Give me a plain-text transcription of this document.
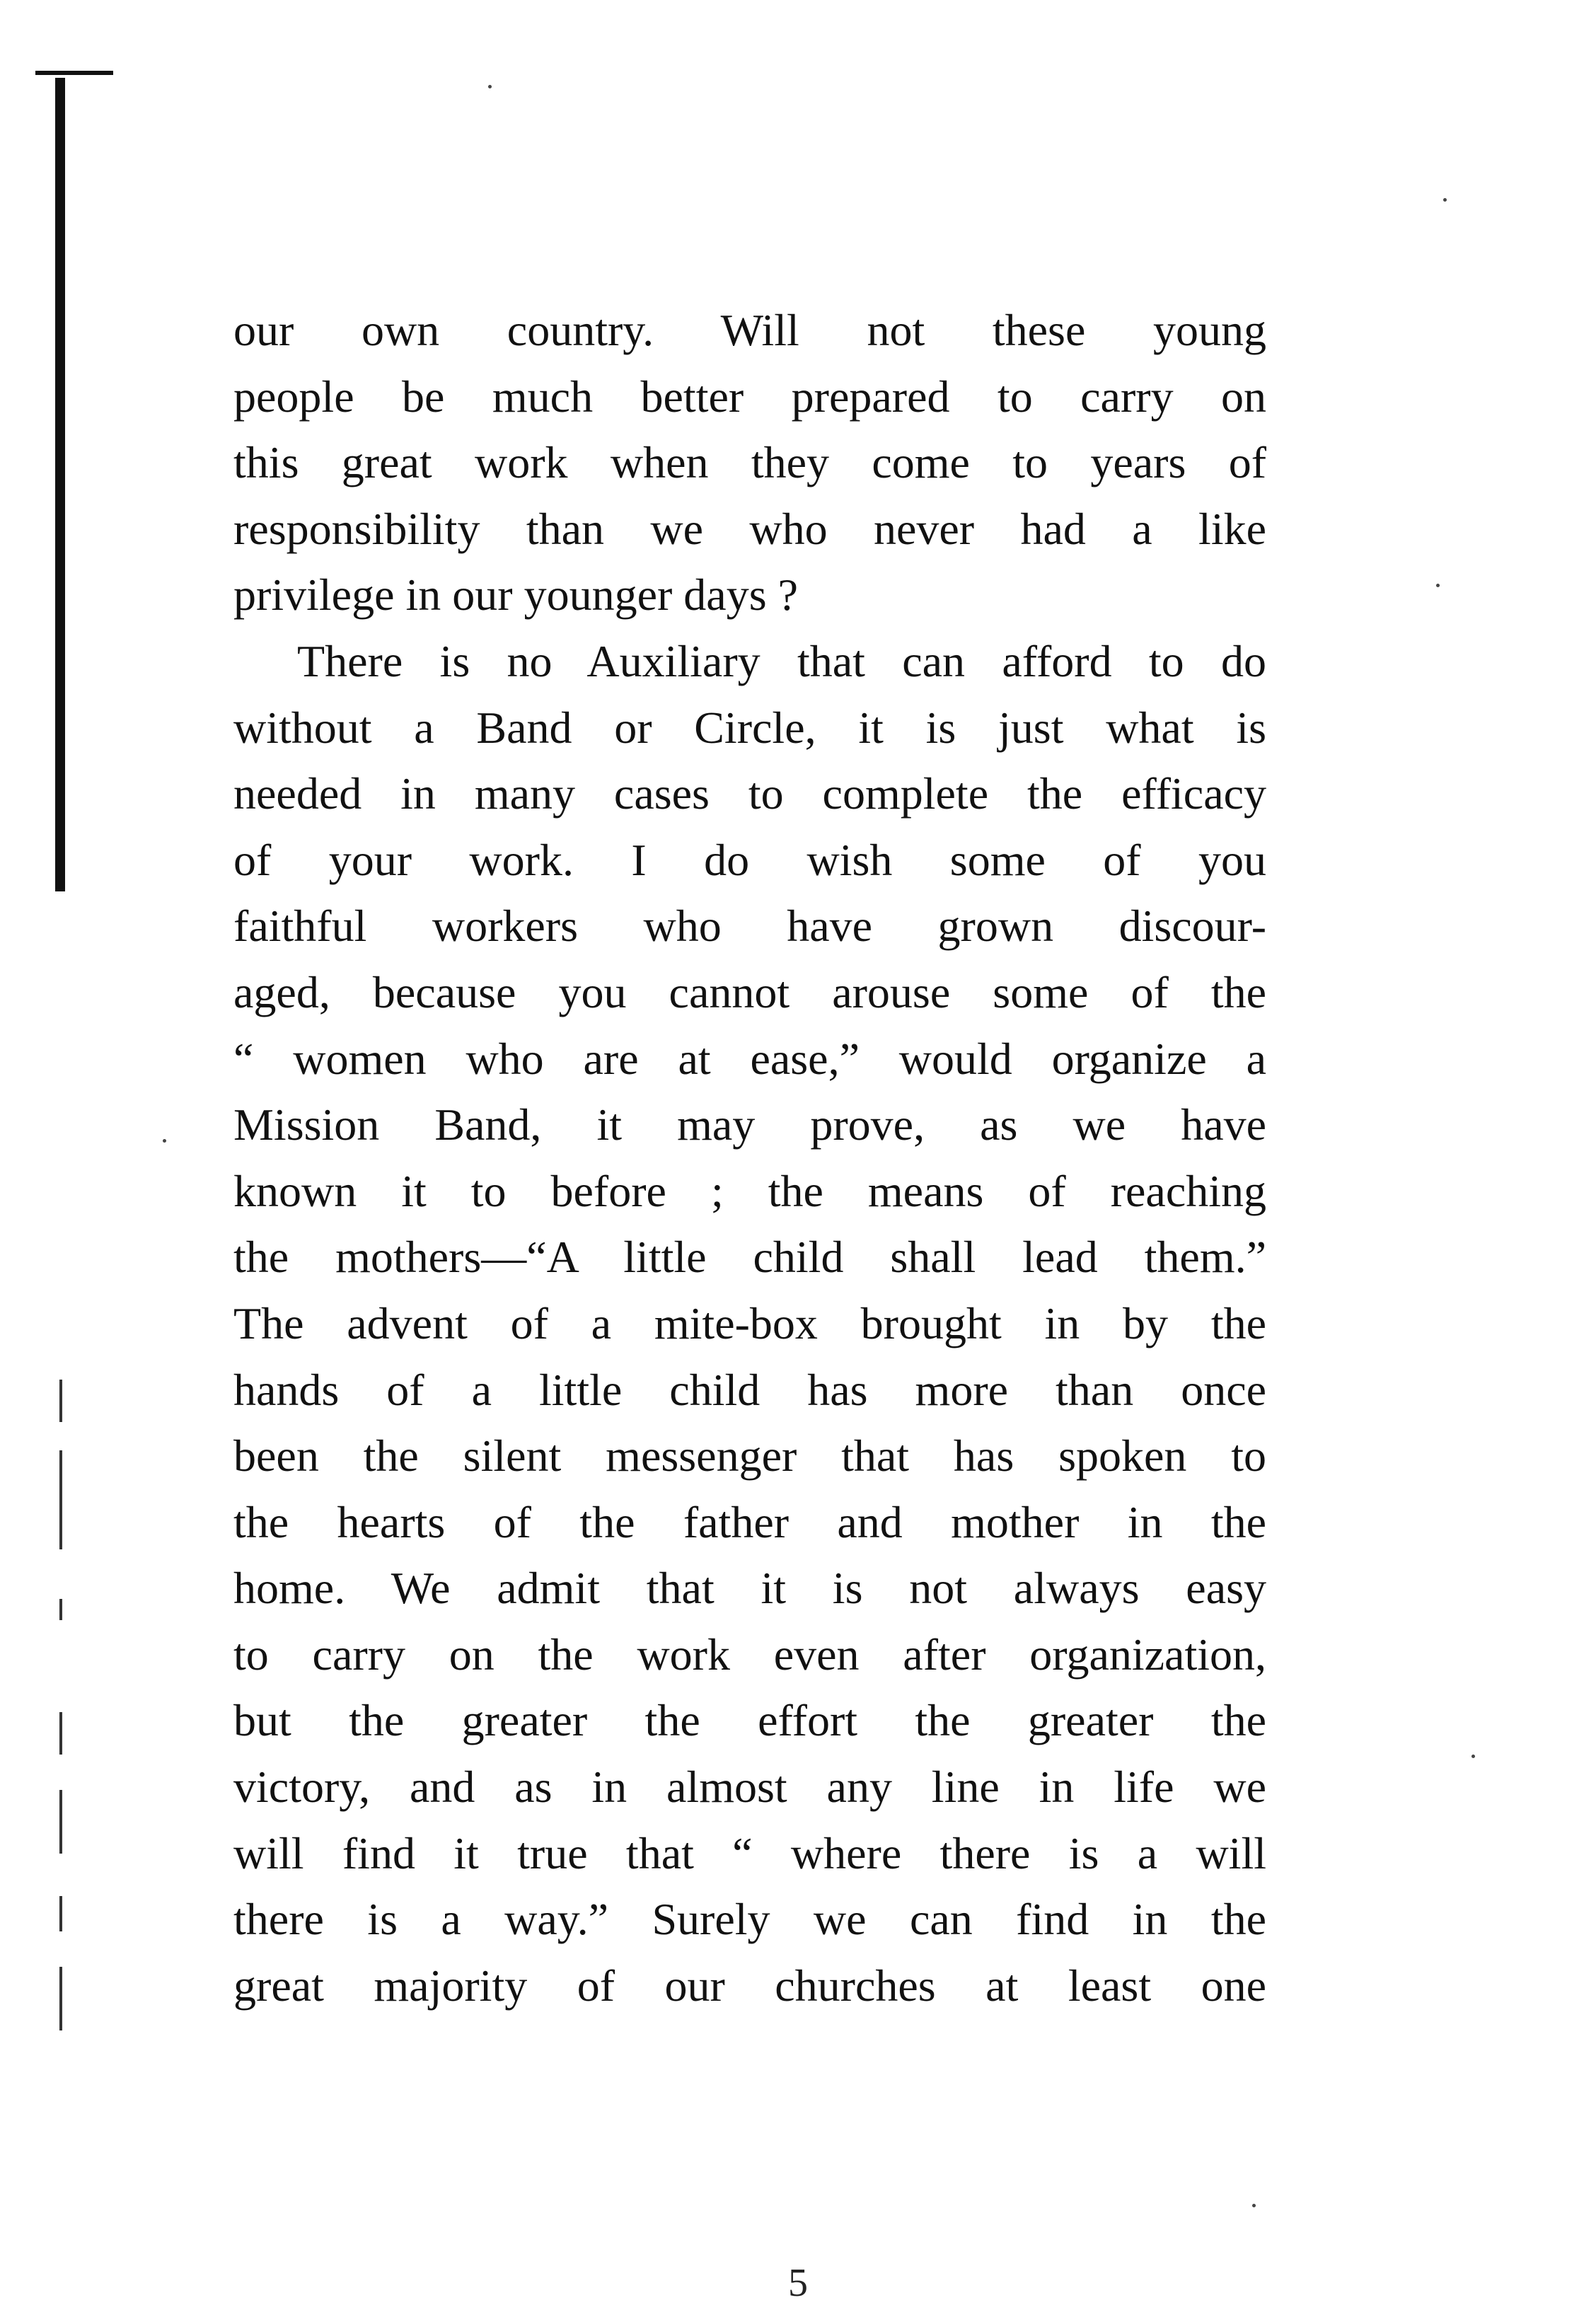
our own country. Will not these young
people be much better prepared to carry on
this great work when they come to years of
responsibility than we who never had a like
privilege in our younger days ?
There is no Auxiliary that can afford to do
without a Band or Circle, it is just what is
needed in many cases to complete the efficacy
of your work. I do wish some of you
faithful workers who have grown discour-
aged, because you cannot arouse some of the
“ women who are at ease,” would organize a
Mission Band, it may prove, as we have
known it to before ; the means of reaching
the mothers—“A little child shall lead them.”
The advent of a mite-box brought in by the
hands of a little child has more than once
been the silent messenger that has spoken to
the hearts of the father and mother in the
home. We admit that it is not always easy
to carry on the work even after organization,
but the greater the effort the greater the
victory, and as in almost any line in life we
will find it true that “ where there is a will
there is a way.” Surely we can find in the
great majority of our churches at least one
5
